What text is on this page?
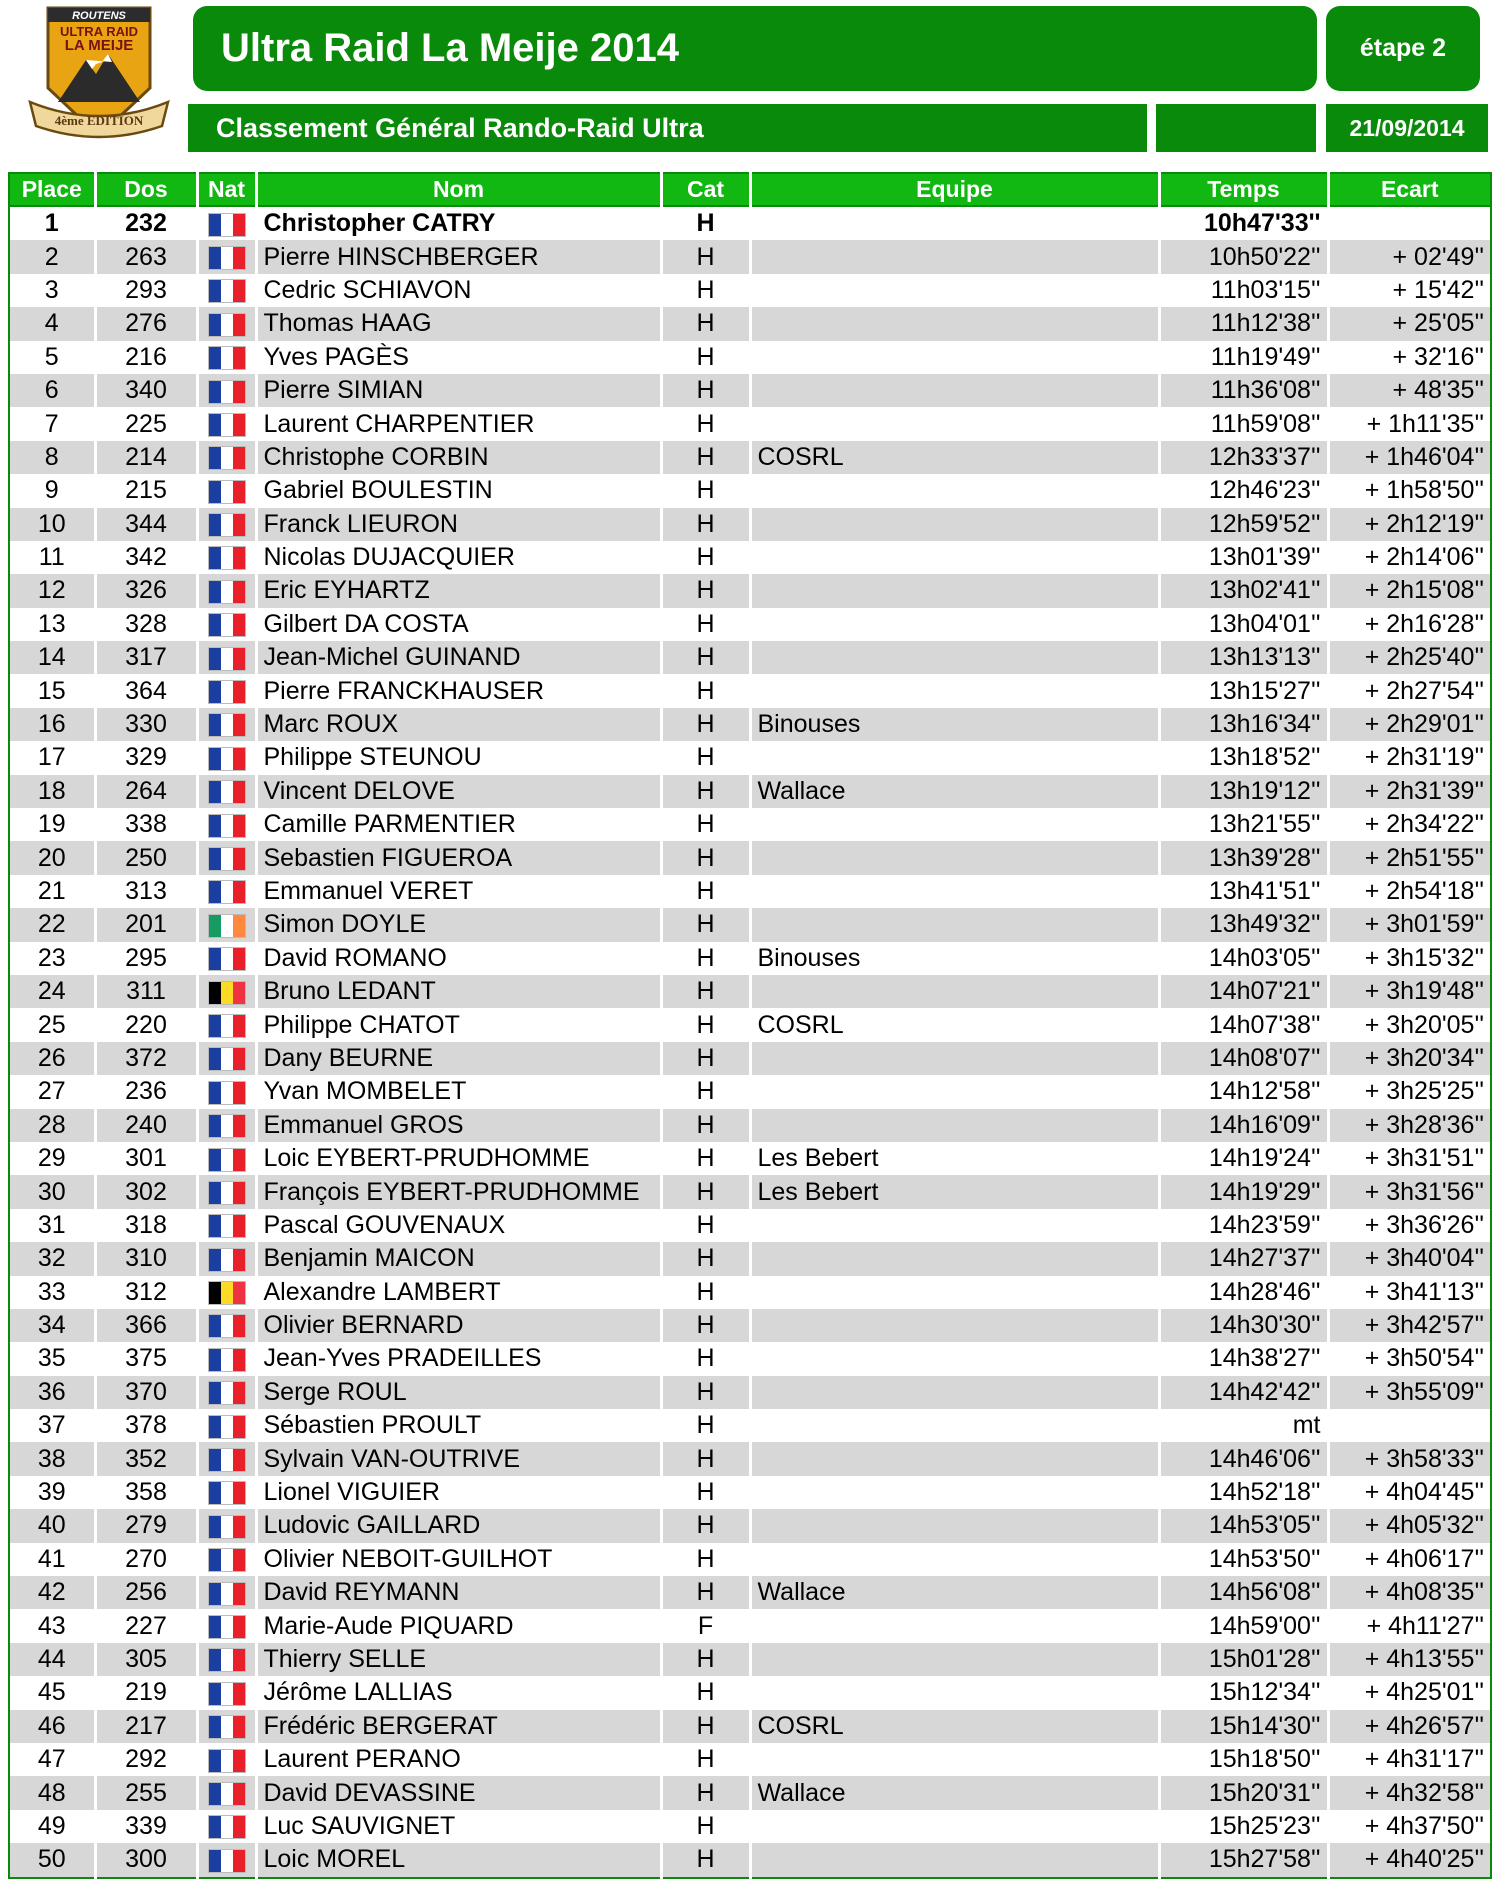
ROUTENS
ULTRA RAID
LA MEIJE
4ème EDITION
Ultra Raid La Meije 2014	étape 2
Classement Général Rando-Raid Ultra	21/09/2014
Place	Dos	Nat	Nom	Cat	Equipe	Temps	Ecart
1	232		Christopher CATRY	H		10h47'33''	
2	263		Pierre HINSCHBERGER	H		10h50'22''	+ 02'49''
3	293		Cedric SCHIAVON	H		11h03'15''	+ 15'42''
4	276		Thomas HAAG	H		11h12'38''	+ 25'05''
5	216		Yves PAGÈS	H		11h19'49''	+ 32'16''
6	340		Pierre SIMIAN	H		11h36'08''	+ 48'35''
7	225		Laurent CHARPENTIER	H		11h59'08''	+ 1h11'35''
8	214		Christophe CORBIN	H	COSRL	12h33'37''	+ 1h46'04''
9	215		Gabriel BOULESTIN	H		12h46'23''	+ 1h58'50''
10	344		Franck LIEURON	H		12h59'52''	+ 2h12'19''
11	342		Nicolas DUJACQUIER	H		13h01'39''	+ 2h14'06''
12	326		Eric EYHARTZ	H		13h02'41''	+ 2h15'08''
13	328		Gilbert DA COSTA	H		13h04'01''	+ 2h16'28''
14	317		Jean-Michel GUINAND	H		13h13'13''	+ 2h25'40''
15	364		Pierre FRANCKHAUSER	H		13h15'27''	+ 2h27'54''
16	330		Marc ROUX	H	Binouses	13h16'34''	+ 2h29'01''
17	329		Philippe STEUNOU	H		13h18'52''	+ 2h31'19''
18	264		Vincent DELOVE	H	Wallace	13h19'12''	+ 2h31'39''
19	338		Camille PARMENTIER	H		13h21'55''	+ 2h34'22''
20	250		Sebastien FIGUEROA	H		13h39'28''	+ 2h51'55''
21	313		Emmanuel VERET	H		13h41'51''	+ 2h54'18''
22	201		Simon DOYLE	H		13h49'32''	+ 3h01'59''
23	295		David ROMANO	H	Binouses	14h03'05''	+ 3h15'32''
24	311		Bruno LEDANT	H		14h07'21''	+ 3h19'48''
25	220		Philippe CHATOT	H	COSRL	14h07'38''	+ 3h20'05''
26	372		Dany BEURNE	H		14h08'07''	+ 3h20'34''
27	236		Yvan MOMBELET	H		14h12'58''	+ 3h25'25''
28	240		Emmanuel GROS	H		14h16'09''	+ 3h28'36''
29	301		Loic EYBERT-PRUDHOMME	H	Les Bebert	14h19'24''	+ 3h31'51''
30	302		François EYBERT-PRUDHOMME	H	Les Bebert	14h19'29''	+ 3h31'56''
31	318		Pascal GOUVENAUX	H		14h23'59''	+ 3h36'26''
32	310		Benjamin MAICON	H		14h27'37''	+ 3h40'04''
33	312		Alexandre LAMBERT	H		14h28'46''	+ 3h41'13''
34	366		Olivier BERNARD	H		14h30'30''	+ 3h42'57''
35	375		Jean-Yves PRADEILLES	H		14h38'27''	+ 3h50'54''
36	370		Serge ROUL	H		14h42'42''	+ 3h55'09''
37	378		Sébastien PROULT	H		mt	
38	352		Sylvain VAN-OUTRIVE	H		14h46'06''	+ 3h58'33''
39	358		Lionel VIGUIER	H		14h52'18''	+ 4h04'45''
40	279		Ludovic GAILLARD	H		14h53'05''	+ 4h05'32''
41	270		Olivier NEBOIT-GUILHOT	H		14h53'50''	+ 4h06'17''
42	256		David REYMANN	H	Wallace	14h56'08''	+ 4h08'35''
43	227		Marie-Aude PIQUARD	F		14h59'00''	+ 4h11'27''
44	305		Thierry SELLE	H		15h01'28''	+ 4h13'55''
45	219		Jérôme LALLIAS	H		15h12'34''	+ 4h25'01''
46	217		Frédéric BERGERAT	H	COSRL	15h14'30''	+ 4h26'57''
47	292		Laurent PERANO	H		15h18'50''	+ 4h31'17''
48	255		David DEVASSINE	H	Wallace	15h20'31''	+ 4h32'58''
49	339		Luc SAUVIGNET	H		15h25'23''	+ 4h37'50''
50	300		Loic MOREL	H		15h27'58''	+ 4h40'25''
